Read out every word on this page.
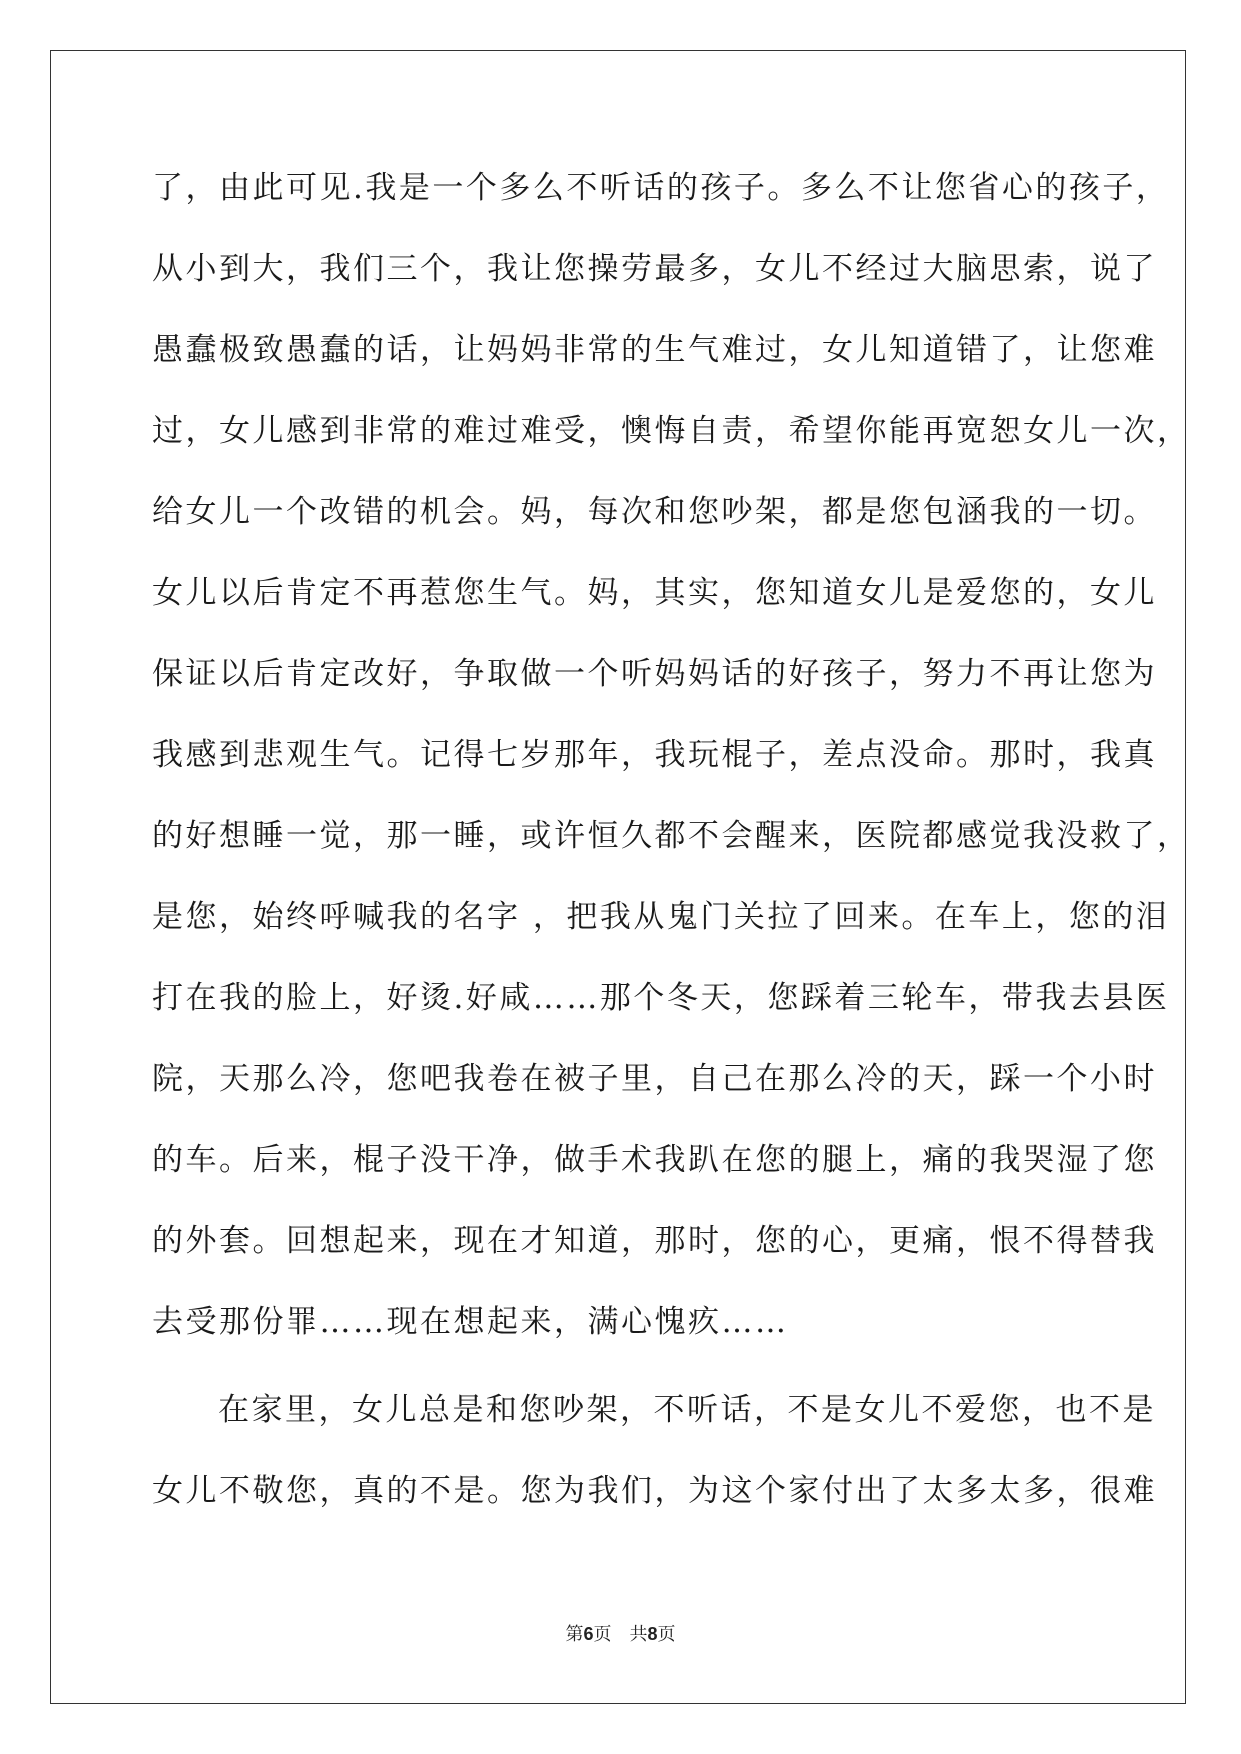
了，由此可见.我是一个多么不听话的孩子。多么不让您省心的孩子，
从小到大，我们三个，我让您操劳最多，女儿不经过大脑思索，说了
愚蠢极致愚蠢的话，让妈妈非常的生气难过，女儿知道错了，让您难
过，女儿感到非常的难过难受，懊悔自责，希望你能再宽恕女儿一次，
给女儿一个改错的机会。妈，每次和您吵架，都是您包涵我的一切。
女儿以后肯定不再惹您生气。妈，其实，您知道女儿是爱您的，女儿
保证以后肯定改好，争取做一个听妈妈话的好孩子，努力不再让您为
我感到悲观生气。记得七岁那年，我玩棍子，差点没命。那时，我真
的好想睡一觉，那一睡，或许恒久都不会醒来，医院都感觉我没救了，
是您，始终呼喊我的名字 ，把我从鬼门关拉了回来。在车上，您的泪
打在我的脸上，好烫.好咸……那个冬天，您踩着三轮车，带我去县医
院，天那么冷，您吧我卷在被子里，自己在那么冷的天，踩一个小时
的车。后来，棍子没干净，做手术我趴在您的腿上，痛的我哭湿了您
的外套。回想起来，现在才知道，那时，您的心，更痛，恨不得替我
去受那份罪……现在想起来，满心愧疚……
在家里，女儿总是和您吵架，不听话，不是女儿不爱您，也不是
女儿不敬您，真的不是。您为我们，为这个家付出了太多太多，很难
第6页　共8页
